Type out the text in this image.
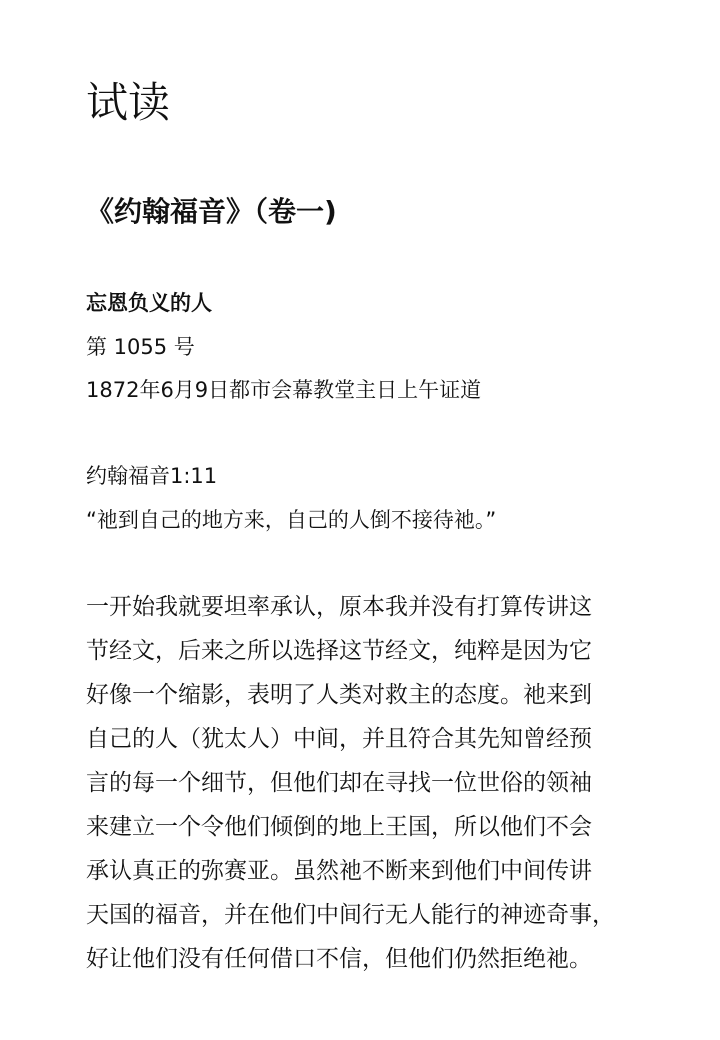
试读
《约翰福音》（卷一)
忘恩负义的人
第 1055 号
1872年6月9日都市会幕教堂主日上午证道
约翰福音1:11
“祂到自己的地方来，自己的人倒不接待祂。”
一开始我就要坦率承认，原本我并没有打算传讲这
节经文，后来之所以选择这节经文，纯粹是因为它
好像一个缩影，表明了人类对救主的态度。祂来到
自己的人（犹太人）中间，并且符合其先知曾经预
言的每一个细节，但他们却在寻找一位世俗的领袖
来建立一个令他们倾倒的地上王国，所以他们不会
承认真正的弥赛亚。虽然祂不断来到他们中间传讲
天国的福音，并在他们中间行无人能行的神迹奇事，
好让他们没有任何借口不信，但他们仍然拒绝祂。
